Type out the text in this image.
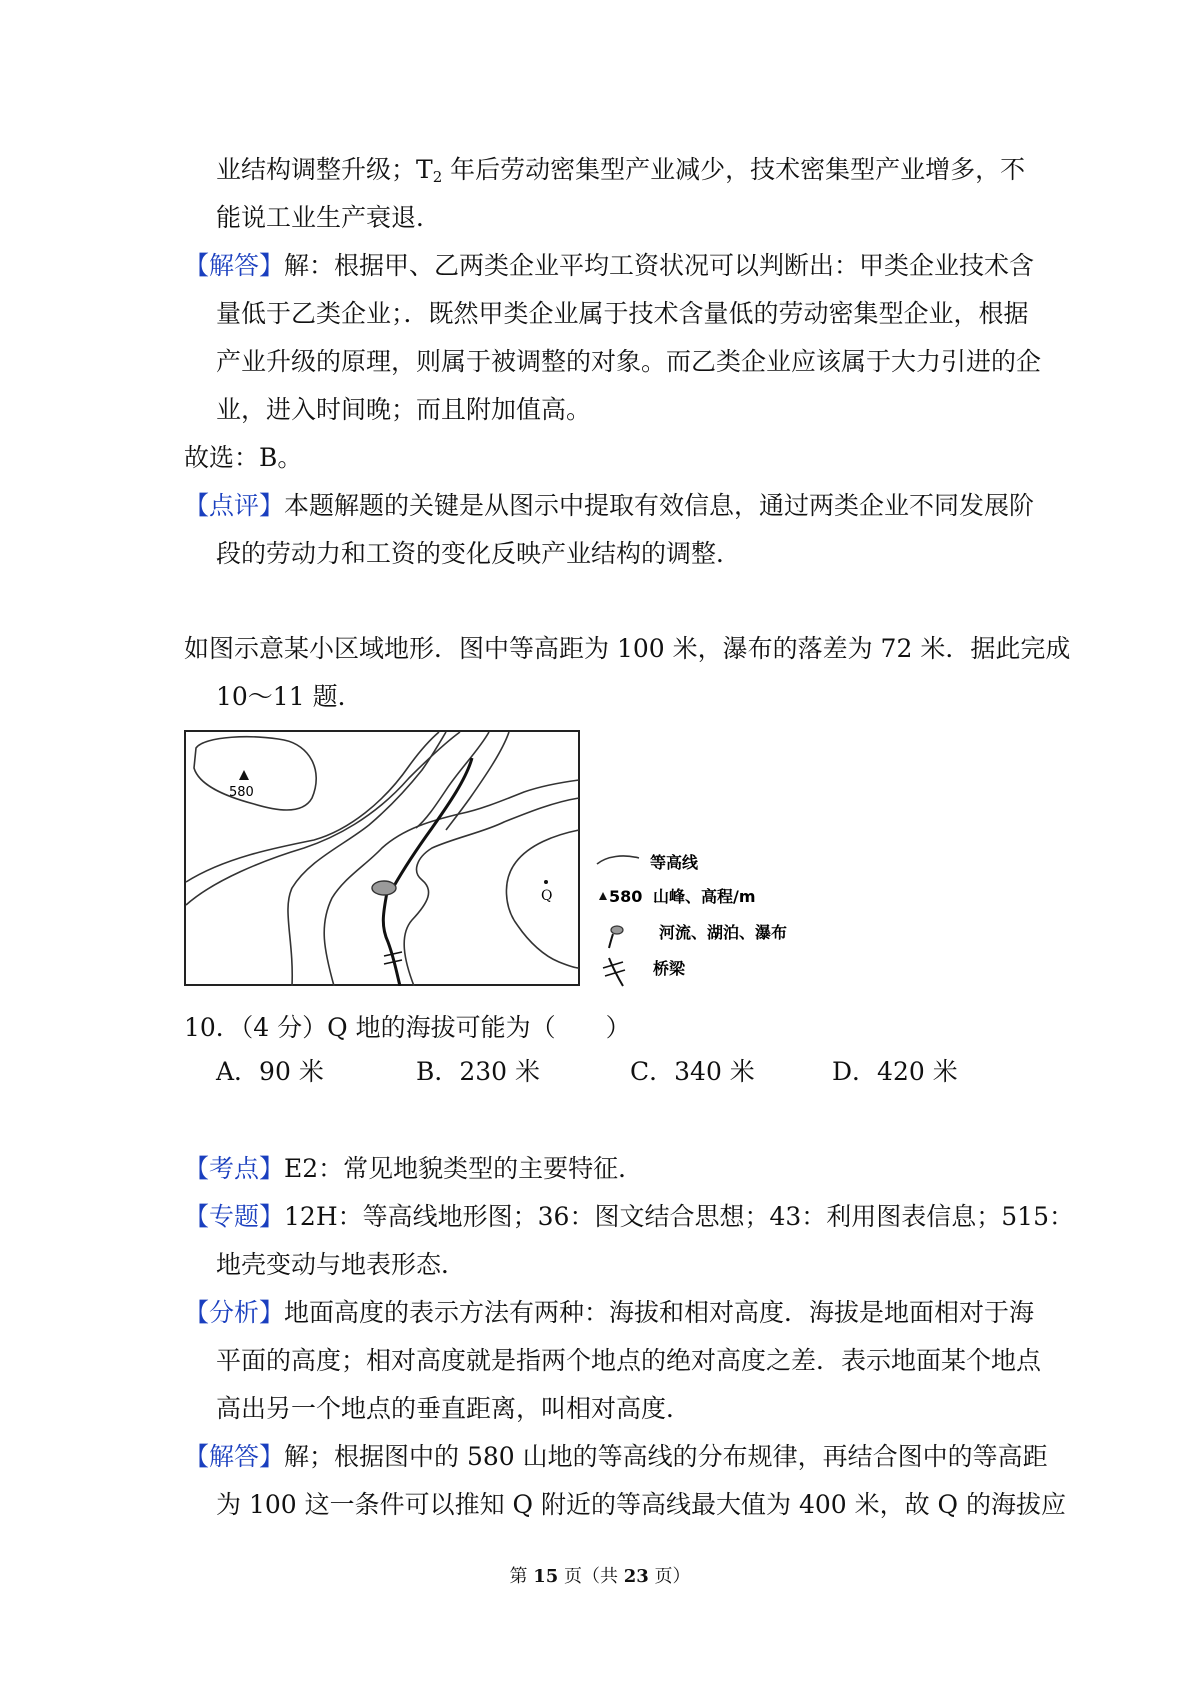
业结构调整升级；$T_2$ 年后劳动密集型产业减少，技术密集型产业增多，不
能说工业生产衰退．
【解答】解：根据甲、乙两类企业平均工资状况可以判断出：甲类企业技术含
量低于乙类企业；．既然甲类企业属于技术含量低的劳动密集型企业，根据
产业升级的原理，则属于被调整的对象。而乙类企业应该属于大力引进的企
业，进入时间晚；而且附加值高。
故选：B。
【点评】本题解题的关键是从图示中提取有效信息，通过两类企业不同发展阶
段的劳动力和工资的变化反映产业结构的调整．
如图示意某小区域地形．图中等高距为 100 米，瀑布的落差为 72 米．据此完成
10～11 题．
580
Q
等高线
580 山峰、高程/m
河流、湖泊、瀑布
桥梁
10．（4 分）Q 地的海拔可能为（　　）
A．90 米	B．230 米	C．340 米	D．420 米
【考点】E2：常见地貌类型的主要特征．
【专题】12H：等高线地形图；36：图文结合思想；43：利用图表信息；515：
地壳变动与地表形态．
【分析】地面高度的表示方法有两种：海拔和相对高度．海拔是地面相对于海
平面的高度；相对高度就是指两个地点的绝对高度之差．表示地面某个地点
高出另一个地点的垂直距离，叫相对高度．
【解答】解；根据图中的 580 山地的等高线的分布规律，再结合图中的等高距
为 100 这一条件可以推知 Q 附近的等高线最大值为 400 米，故 Q 的海拔应
第 15 页（共 23 页）
